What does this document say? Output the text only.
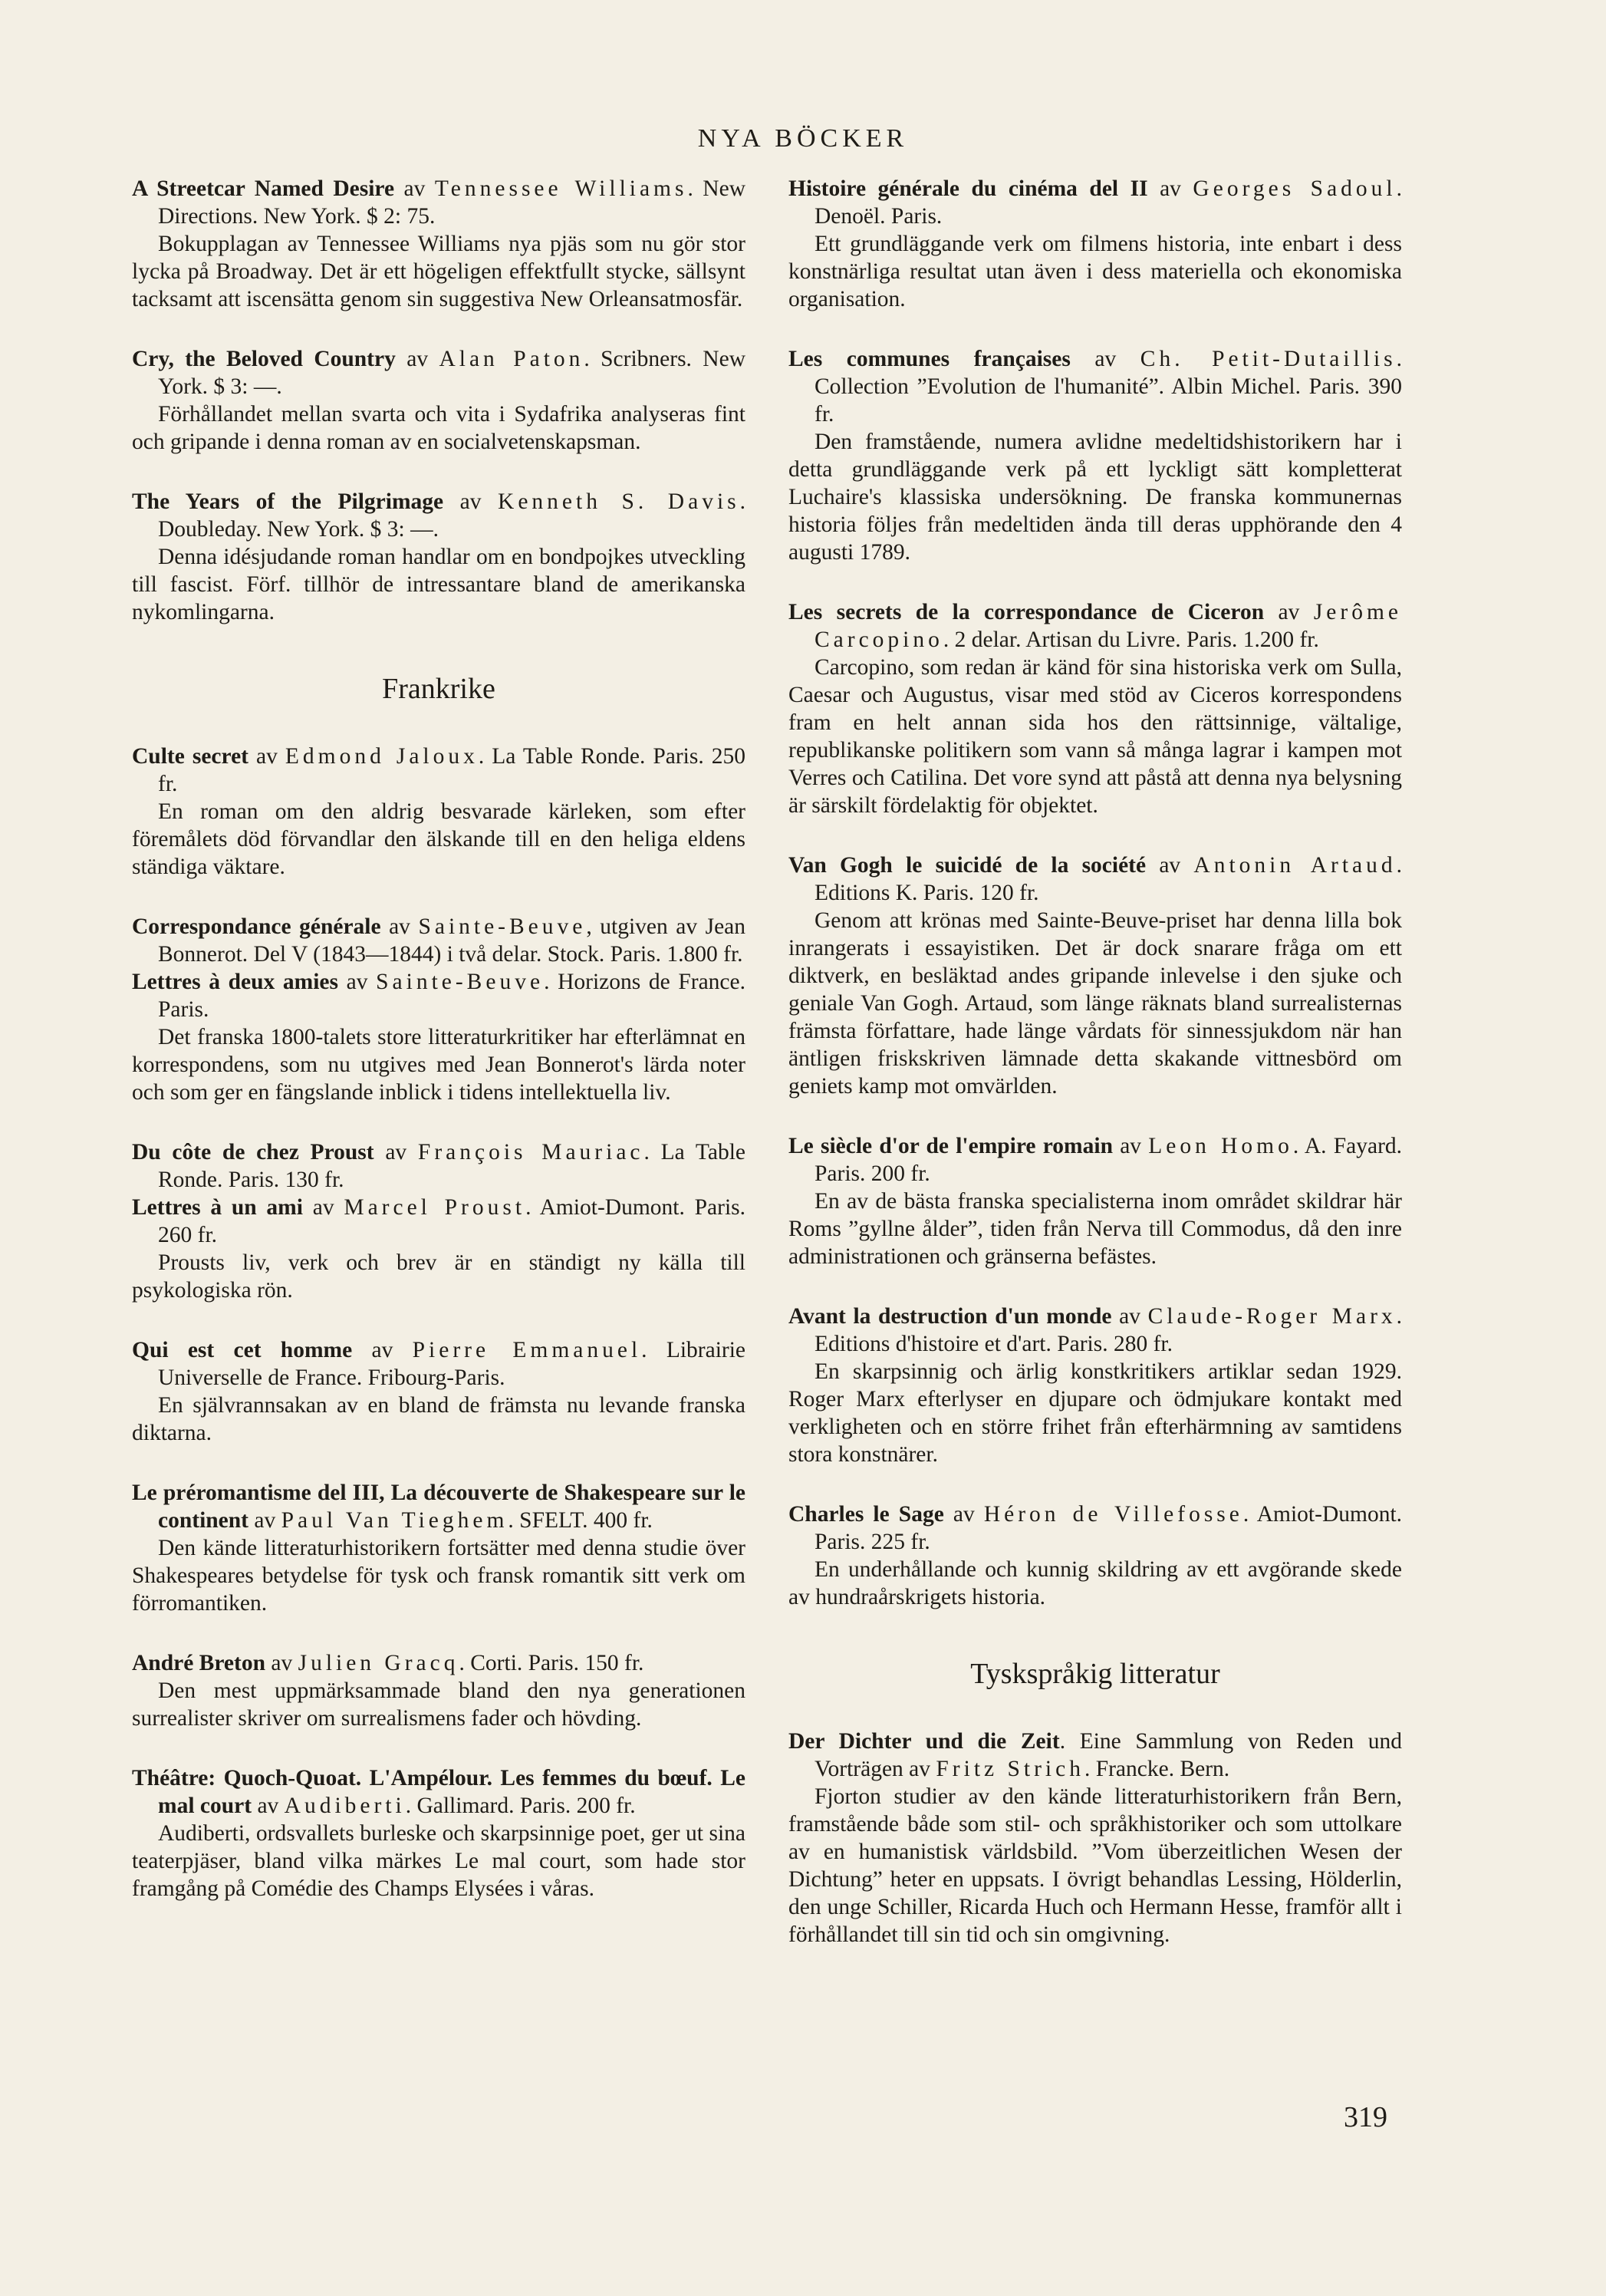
NYA BÖCKER

A Streetcar Named Desire av Tennessee Williams. New Directions. New York. $ 2: 75.

Bokupplagan av Tennessee Williams nya pjäs som nu gör stor lycka på Broadway. Det är ett högeligen effektfullt stycke, sällsynt tacksamt att iscensätta genom sin suggestiva New Orleansatmosfär.

Cry, the Beloved Country av Alan Paton. Scribners. New York. $ 3: —.

Förhållandet mellan svarta och vita i Sydafrika analyseras fint och gripande i denna roman av en socialvetenskapsman.

The Years of the Pilgrimage av Kenneth S. Davis. Doubleday. New York. $ 3: —.

Denna idésjudande roman handlar om en bondpojkes utveckling till fascist. Förf. tillhör de intressantare bland de amerikanska nykomlingarna.

Frankrike

Culte secret av Edmond Jaloux. La Table Ronde. Paris. 250 fr.

En roman om den aldrig besvarade kärleken, som efter föremålets död förvandlar den älskande till en den heliga eldens ständiga väktare.

Correspondance générale av Sainte-Beuve, utgiven av Jean Bonnerot. Del V (1843—1844) i två delar. Stock. Paris. 1.800 fr.

Lettres à deux amies av Sainte-Beuve. Horizons de France. Paris.

Det franska 1800-talets store litteraturkritiker har efterlämnat en korrespondens, som nu utgives med Jean Bonnerot's lärda noter och som ger en fängslande inblick i tidens intellektuella liv.

Du côte de chez Proust av François Mauriac. La Table Ronde. Paris. 130 fr.

Lettres à un ami av Marcel Proust. Amiot-Dumont. Paris. 260 fr.

Prousts liv, verk och brev är en ständigt ny källa till psykologiska rön.

Qui est cet homme av Pierre Emmanuel. Librairie Universelle de France. Fribourg-Paris.

En självrannsakan av en bland de främsta nu levande franska diktarna.

Le préromantisme del III, La découverte de Shakespeare sur le continent av Paul Van Tieghem. SFELT. 400 fr.

Den kände litteraturhistorikern fortsätter med denna studie över Shakespeares betydelse för tysk och fransk romantik sitt verk om förromantiken.

André Breton av Julien Gracq. Corti. Paris. 150 fr.

Den mest uppmärksammade bland den nya generationen surrealister skriver om surrealismens fader och hövding.

Théâtre: Quoch-Quoat. L'Ampélour. Les femmes du bœuf. Le mal court av Audiberti. Gallimard. Paris. 200 fr.

Audiberti, ordsvallets burleske och skarpsinnige poet, ger ut sina teaterpjäser, bland vilka märkes Le mal court, som hade stor framgång på Comédie des Champs Elysées i våras.

Histoire générale du cinéma del II av Georges Sadoul. Denoël. Paris.

Ett grundläggande verk om filmens historia, inte enbart i dess konstnärliga resultat utan även i dess materiella och ekonomiska organisation.

Les communes françaises av Ch. Petit-Dutaillis. Collection ”Evolution de l'humanité”. Albin Michel. Paris. 390 fr.

Den framstående, numera avlidne medeltidshistorikern har i detta grundläggande verk på ett lyckligt sätt kompletterat Luchaire's klassiska undersökning. De franska kommunernas historia följes från medeltiden ända till deras upphörande den 4 augusti 1789.

Les secrets de la correspondance de Ciceron av Jerôme Carcopino. 2 delar. Artisan du Livre. Paris. 1.200 fr.

Carcopino, som redan är känd för sina historiska verk om Sulla, Caesar och Augustus, visar med stöd av Ciceros korrespondens fram en helt annan sida hos den rättsinnige, vältalige, republikanske politikern som vann så många lagrar i kampen mot Verres och Catilina. Det vore synd att påstå att denna nya belysning är särskilt fördelaktig för objektet.

Van Gogh le suicidé de la société av Antonin Artaud. Editions K. Paris. 120 fr.

Genom att krönas med Sainte-Beuve-priset har denna lilla bok inrangerats i essayistiken. Det är dock snarare fråga om ett diktverk, en besläktad andes gripande inlevelse i den sjuke och geniale Van Gogh. Artaud, som länge räknats bland surrealisternas främsta författare, hade länge vårdats för sinnessjukdom när han äntligen friskskriven lämnade detta skakande vittnesbörd om geniets kamp mot omvärlden.

Le siècle d'or de l'empire romain av Leon Homo. A. Fayard. Paris. 200 fr.

En av de bästa franska specialisterna inom området skildrar här Roms ”gyllne ålder”, tiden från Nerva till Commodus, då den inre administrationen och gränserna befästes.

Avant la destruction d'un monde av Claude-Roger Marx. Editions d'histoire et d'art. Paris. 280 fr.

En skarpsinnig och ärlig konstkritikers artiklar sedan 1929. Roger Marx efterlyser en djupare och ödmjukare kontakt med verkligheten och en större frihet från efterhärmning av samtidens stora konstnärer.

Charles le Sage av Héron de Villefosse. Amiot-Dumont. Paris. 225 fr.

En underhållande och kunnig skildring av ett avgörande skede av hundraårskrigets historia.

Tyskspråkig litteratur

Der Dichter und die Zeit. Eine Sammlung von Reden und Vorträgen av Fritz Strich. Francke. Bern.

Fjorton studier av den kände litteraturhistorikern från Bern, framstående både som stil- och språkhistoriker och som uttolkare av en humanistisk världsbild. ”Vom überzeitlichen Wesen der Dichtung” heter en uppsats. I övrigt behandlas Lessing, Hölderlin, den unge Schiller, Ricarda Huch och Hermann Hesse, framför allt i förhållandet till sin tid och sin omgivning.

319
